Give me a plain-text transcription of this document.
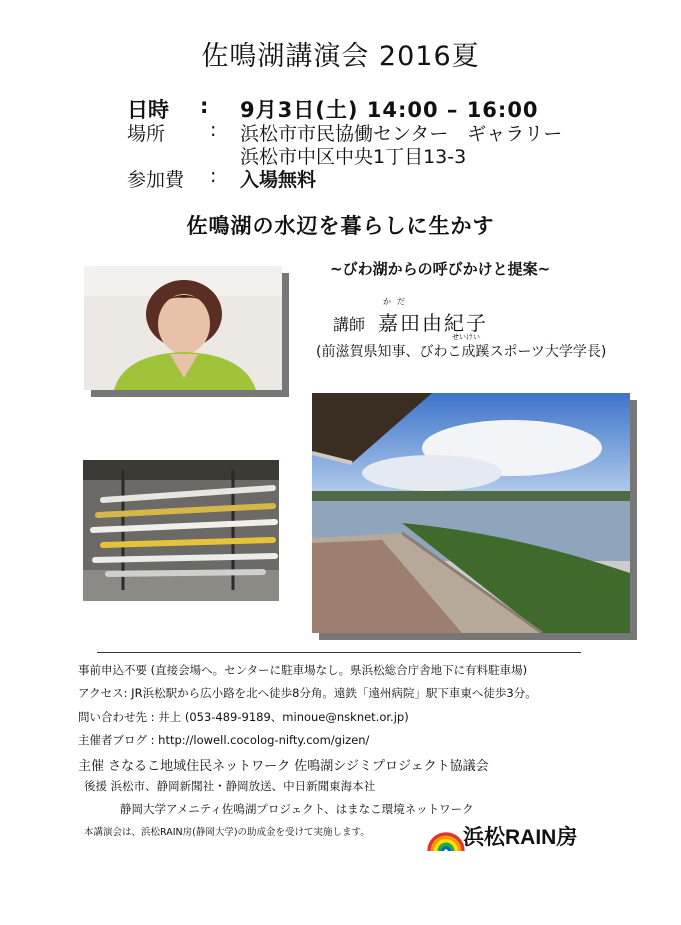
佐鳴湖講演会 2016夏
日時 : 9月3日(土) 14:00 – 16:00
場所 : 浜松市市民協働センター　ギャラリー
浜松市中区中央1丁目13-3
参加費 : 入場無料
佐鳴湖の水辺を暮らしに生かす
~びわ湖からの呼びかけと提案~
かだ
講師 嘉田由紀子
せいけい
(前滋賀県知事、びわこ成蹊スポーツ大学学長)
事前申込不要 (直接会場へ。センターに駐車場なし。県浜松総合庁舎地下に有料駐車場)
アクセス: JR浜松駅から広小路を北へ徒歩8分角。遠鉄「遠州病院」駅下車東へ徒歩3分。
問い合わせ先 : 井上 (053-489-9189、minoue@nsknet.or.jp)
主催者ブログ : http://lowell.cocolog-nifty.com/gizen/
主催 さなるこ地域住民ネットワーク 佐鳴湖シジミプロジェクト協議会
後援 浜松市、静岡新聞社・静岡放送、中日新聞東海本社
静岡大学アメニティ佐鳴湖プロジェクト、はまなこ環境ネットワーク
本講演会は、浜松RAIN房(静岡大学)の助成金を受けて実施します。	浜松RAIN房
